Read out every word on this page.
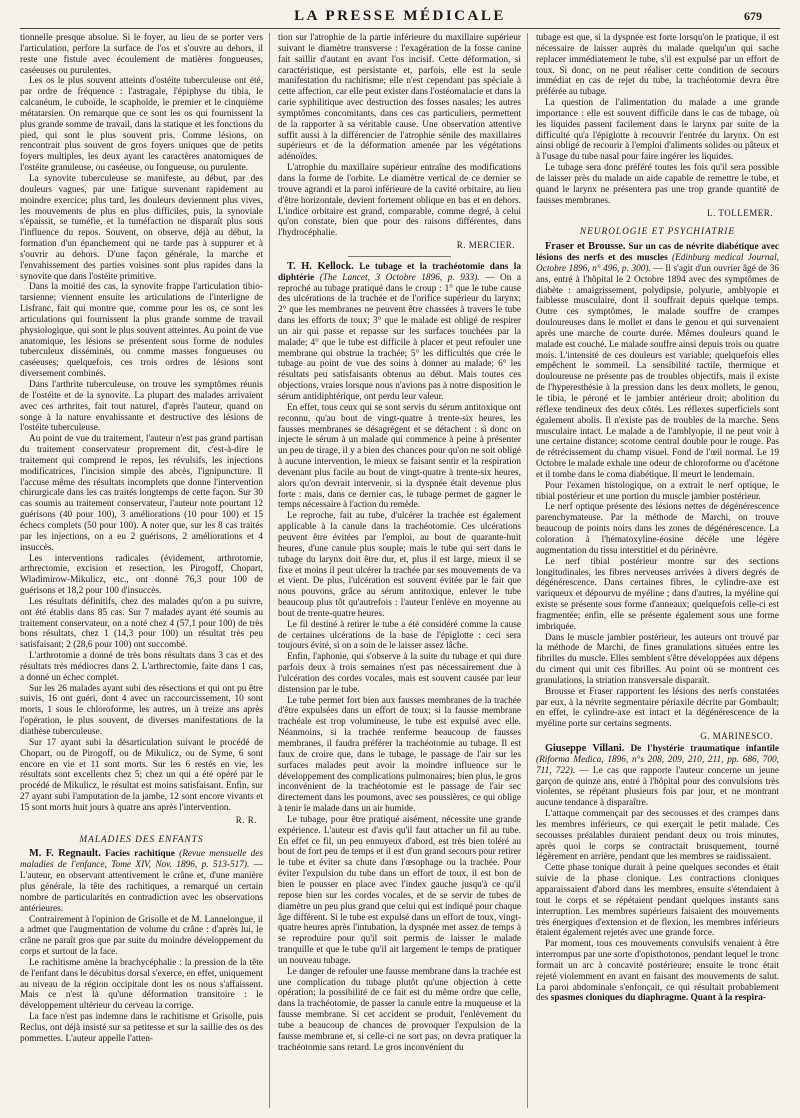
LA PRESSE MÉDICALE	679

tionnelle presque absolue. Si le foyer, au lieu de se porter vers l'articulation, perfore la surface de l'os et s'ouvre au dehors, il reste une fistule avec écoulement de matières fongueuses, caséeuses ou purulentes.

Les os le plus souvent atteints d'ostéite tuberculeuse ont été, par ordre de fréquence : l'astragale, l'épiphyse du tibia, le calcanéum, le cuboïde, le scaphoïde, le premier et le cinquième métatarsien. On remarque que ce sont les os qui fournissent la plus grande somme de travail, dans la statique et les fonctions du pied, qui sont le plus souvent pris. Comme lésions, on rencontrait plus souvent de gros foyers uniques que de petits foyers multiples, les deux ayant les caractères anatomiques de l'ostéite granuleuse, ou caséeuse, ou fongueuse, ou purulente.

La synovite tuberculeuse se manifeste, au début, par des douleurs vagues, par une fatigue survenant rapidement au moindre exercice; plus tard, les douleurs deviennent plus vives, les mouvements de plus en plus difficiles, puis, la synoviale s'épaissit, se tuméfie, et la tuméfaction ne disparaît plus sous l'influence du repos. Souvent, on observe, déjà au début, la formation d'un épanchement qui ne tarde pas à suppurer et à s'ouvrir au dehors. D'une façon générale, la marche et l'envahissement des parties voisines sont plus rapides dans la synovite que dans l'ostéite primitive.

Dans la moitié des cas, la synovite frappe l'articulation tibio-tarsienne; viennent ensuite les articulations de l'interligne de Lisfranc, fait qui montre que, comme pour les os, ce sont les articulations qui fournissent la plus grande somme de travail physiologique, qui sont le plus souvent atteintes. Au point de vue anatomique, les lésions se présentent sous forme de nodules tuberculeux disséminés, ou comme masses fongueuses ou caséeuses; quelquefois, ces trois ordres de lésions sont diversement combinés.

Dans l'arthrite tuberculeuse, on trouve les symptômes réunis de l'ostéite et de la synovite. La plupart des malades arrivaient avec ces arthrites, fait tout naturel, d'après l'auteur, quand on songe à la nature envahissante et destructive des lésions de l'ostéite tuberculeuse.

Au point de vue du traitement, l'auteur n'est pas grand partisan du traitement conservateur proprement dit, c'est-à-dire le traitement qui comprend le repos, les révulsifs, les injections modificatrices, l'incision simple des abcès, l'ignipuncture. Il l'accuse même des résultats incomplets que donne l'intervention chirurgicale dans les cas traités longtemps de cette façon. Sur 30 cas soumis au traitement conservateur, l'auteur note pourtant 12 guérisons (40 pour 100), 3 améliorations (10 pour 100) et 15 échecs complets (50 pour 100). A noter que, sur les 8 cas traités par les injections, on a eu 2 guérisons, 2 améliorations et 4 insuccès.

Les interventions radicales (évidement, arthrotomie, arthrectomie, excision et resection, les Pirogoff, Chopart, Wladimirow-Mikulicz, etc., ont donné 76,3 pour 100 de guérisons et 18,2 pour 100 d'insuccès.

Les résultats définitifs, chez des malades qu'on a pu suivre, ont été établis dans 85 cas. Sur 7 malades ayant été soumis au traitement conservateur, on a noté chez 4 (57,1 pour 100) de très bons résultats, chez 1 (14,3 pour 100) un résultat très peu satisfaisant; 2 (28,6 pour 100) ont succombé.

L'arthrotomie a donné de très bons résultats dans 3 cas et des résultats très médiocres dans 2. L'arthrectomie, faite dans 1 cas, a donné un échec complet.

Sur les 26 malades ayant subi des résections et qui ont pu être suivis, 16 ont guéri, dont 4 avec un raccourcissement, 10 sont morts, 1 sous le chloroforme, les autres, un à treize ans après l'opération, le plus souvent, de diverses manifestations de la diathèse tuberculeuse.

Sur 17 ayant subi la désarticulation suivant le procédé de Chopart, ou de Pirogoff, ou de Mikulicz, ou de Syme, 6 sont encore en vie et 11 sont morts. Sur les 6 restés en vie, les résultats sont excellents chez 5; chez un qui a été opéré par le procédé de Mikulicz, le résultat est moins satisfaisant. Enfin, sur 27 ayant subi l'amputation de la jambe, 12 sont encore vivants et 15 sont morts huit jours à quatre ans après l'intervention.

R. R.
MALADIES DES ENFANTS

M. F. Regnault. Facies rachitique (Revue mensuelle des maladies de l'enfance, Tome XIV, Nov. 1896, p. 513-517). — L'auteur, en observant attentivement le crâne et, d'une manière plus générale, la tête des rachitiques, a remarqué un certain nombre de particularités en contradiction avec les observations antérieures.

Contrairement à l'opinion de Grisolle et de M. Lannelongue, il a admet que l'augmentation de volume du crâne : d'après lui, le crâne ne paraît gros que par suite du moindre développement du corps et surtout de la face.

Le rachitisme amène la brachycéphalie : la pression de la tête de l'enfant dans le décubitus dorsal s'exerce, en effet, uniquement au niveau de la région occipitale dont les os nous s'affaissent. Mais ce n'est là qu'une déformation transitoire : le développement ultérieur du cerveau la corrige.

La face n'est pas indemne dans le rachitisme et Grisolle, puis Reclus, ont déjà insisté sur sa petitesse et sur la saillie des os des pommettes. L'auteur appelle l'atten-

tion sur l'atrophie de la partie inférieure du maxillaire supérieur suivant le diamètre transverse : l'exagération de la fosse canine fait saillir d'autant en avant l'os incisif. Cette déformation, si caractéristique, est persistante et, parfois, elle est la seule manifestation du rachitisme; elle n'est cependant pas spéciale à cette affection, car elle peut exister dans l'ostéomalacie et dans la carie syphilitique avec destruction des fosses nasales; les autres symptômes concomitants, dans ces cas particuliers, permettent de la rapporter à sa véritable cause. Une observation attentive suffit aussi à la différencier de l'atrophie sénile des maxillaires supérieurs et de la déformation amenée par les végétations adénoïdes.

L'atrophie du maxillaire supérieur entraîne des modifications dans la forme de l'orbite. Le diamètre vertical de ce dernier se trouve agrandi et la paroi inférieure de la cavité orbitaire, au lieu d'être horizontale, devient fortement oblique en bas et en dehors. L'indice orbitaire est grand, comparable, comme degré, à celui qu'on constate, bien que pour des raisons différentes, dans l'hydrocéphalie.

R. MERCIER.

T. H. Kellock. Le tubage et la trachéotomie dans la diphtérie (The Lancet, 3 Octobre 1896, p. 933). — On a reproché au tubage pratiqué dans le croup : 1° que le tube cause des ulcérations de la trachée et de l'orifice supérieur du larynx; 2° que les membranes ne peuvent être chassées à travers le tube dans les efforts de toux; 3° que le malade est obligé de respirer un air qui passe et repasse sur les surfaces touchées par la malade; 4° que le tube est difficile à placer et peut refouler une membrane qui obstrue la trachée; 5° les difficultés que crée le tubage au point de vue des soins à donner au malade; 6° les résultats peu satisfaisants obtenus au début. Mais toutes ces objections, vraies lorsque nous n'avions pas à notre disposition le sérum antidiphtérique, ont perdu leur valeur.

En effet, tous ceux qui se sont servis du sérum antitoxique ont reconnu, qu'au bout de vingt-quatre à trente-six heures, les fausses membranes se désagrègent et se détachent : si donc on injecte le sérum à un malade qui commence à peine à présenter un peu de tirage, il y a bien des chances pour qu'on ne soit obligé à aucune intervention, le mieux se faisant sentir et la respiration devenant plus facile au bout de vingt-quatre à trente-six heures, alors qu'on devrait intervenir, si la dyspnée était devenue plus forte : mais, dans ce dernier cas, le tubage permet de gagner le temps nécessaire à l'action du remède.

Le reproche, fait au tube, d'ulcérer la trachée est également applicable à la canule dans la trachéotomie. Ces ulcérations peuvent être évitées par l'emploi, au bout de quarante-huit heures, d'une canule plus souple; mais le tube qui sert dans le tubage du larynx doit être dur, et, plus il est large, mieux il se fixe et moins il peut ulcérer la trachée par ses mouvements de va et vient. De plus, l'ulcération est souvent évitée par le fait que nous pouvons, grâce au sérum antitoxique, enlever le tube beaucoup plus tôt qu'autrefois : l'auteur l'enlève en moyenne au bout de trente-quatre heures.

Le fil destiné à retirer le tube a été considéré comme la cause de certaines ulcérations de la base de l'épiglotte : ceci sera toujours évité, si on a soin de le laisser assez lâche.

Enfin, l'aphonie, qui s'observe à la suite du tubage et qui dure parfois deux à trois semaines n'est pas nécessairement due à l'ulcération des cordes vocales, mais est souvent causée par leur distension par le tube.

Le tube permet fort bien aux fausses membranes de la trachée d'être expulsées dans un effort de toux; si la fausse membrane trachéale est trop volumineuse, le tube est expulsé avec elle. Néanmoins, si la trachée renferme beaucoup de fausses membranes, il faudra préférer la trachéotomie au tubage. Il est faux de croire que, dans le tubage, le passage de l'air sur les surfaces malades peut avoir la moindre influence sur le développement des complications pulmonaires; bien plus, le gros inconvénient de la trachéotomie est le passage de l'air sec directement dans les poumons, avec ses poussières, ce qui oblige à tenir le malade dans un air humide.

Le tubage, pour être pratiqué aisément, nécessite une grande expérience. L'auteur est d'avis qu'il faut attacher un fil au tube. En effet ce fil, un peu ennuyeux d'abord, est très bien toléré au bout de fort peu de temps et il est d'un grand secours pour retirer le tube et éviter sa chute dans l'œsophage ou la trachée. Pour éviter l'expulsion du tube dans un effort de toux, il est bon de bien le pousser en place avec l'index gauche jusqu'à ce qu'il repose bien sur les cordes vocales, et de se servir de tubes de diamètre un peu plus grand que celui qui est indiqué pour chaque âge différent. Si le tube est expulsé dans un effort de toux, vingt-quatre heures après l'intubation, la dyspnée met assez de temps à se reproduire pour qu'il soit permis de laisser le malade tranquille et que le tube qu'il ait largement le temps de pratiquer un nouveau tubage.

Le danger de refouler une fausse membrane dans la trachée est une complication du tubage plutôt qu'une objection à cette opération; la possibilité de ce fait est du même ordre que celle, dans la trachéotomie, de passer la canule entre la muqueuse et la fausse membrane. Si cet accident se produit, l'enlèvement du tube a beaucoup de chances de provoquer l'expulsion de la fausse membrane et, si celle-ci ne sort pas, on devra pratiquer la trachéotomie sans retard. Le gros inconvénient du

tubage est que, si la dyspnée est forte lorsqu'on le pratique, il est nécessaire de laisser auprès du malade quelqu'un qui sache replacer immédiatement le tube, s'il est expulsé par un effort de toux. Si donc, on ne peut réaliser cette condition de secours immédiat en cas de rejet du tube, la trachéotomie devra être préférée au tubage.

La question de l'alimentation du malade a une grande importance : elle est souvent difficile dans le cas de tubage, où les liquides passent facilement dans le larynx par suite de la difficulté qu'a l'épiglotte à recouvrir l'entrée du larynx. On est ainsi obligé de recourir à l'emploi d'aliments solides ou pâteux et à l'usage du tube nasal pour faire ingérer les liquides.

Le tubage sera donc préféré toutes les fois qu'il sera possible de laisser près du malade un aide capable de remettre le tube, et quand le larynx ne présentera pas une trop grande quantité de fausses membranes.

L. TOLLEMER.
NEUROLOGIE ET PSYCHIATRIE

Fraser et Brousse. Sur un cas de névrite diabétique avec lésions des nerfs et des muscles (Edinburg medical Journal, Octobre 1896, n° 496, p. 300). — Il s'agit d'un ouvrier âgé de 36 ans, entré à l'hôpital le 2 Octobre 1894 avec des symptômes de diabète : amaigrissement, polydipsie, polyurie, amblyopie et faiblesse musculaire, dont il souffrait depuis quelque temps. Outre ces symptômes, le malade souffre de crampes douloureuses dans le mollet et dans le genou et qui survenaient après une marche de courte durée. Mêmes douleurs quand le malade est couché. Le malade souffre ainsi depuis trois ou quatre mois. L'intensité de ces douleurs est variable; quelquefois elles empêchent le sommeil. La sensibilité tactile, thermique et douloureuse ne présente pas de troubles objectifs, mais il existe de l'hyperesthésie à la pression dans les deux mollets, le genou, le tibia, le péroné et le jambier antérieur droit; abolition du réflexe tendineux des deux côtés. Les réflexes superficiels sont également abolis. Il n'existe pas de troubles de la marche. Sens musculaire intact. Le malade a de l'amblyopie, il ne peut voir à une certaine distance; scotome central double pour le rouge. Pas de rétrécissement du champ visuel. Fond de l'œil normal. Le 19 Octobre le malade exhale une odeur de chloroforme ou d'acétone et il tombe dans le coma diabétique. Il meurt le lendemain.

Pour l'examen histologique, on a extrait le nerf optique, le tibial postérieur et une portion du muscle jambier postérieur.

Le nerf optique présente des lésions nettes de dégénérescence parenchymateuse. Par la méthode de Marchi, on trouve beaucoup de points noirs dans les zones de dégénérescence. La coloration à l'hématoxyline-éosine décèle une légère augmentation du tissu interstitiel et du périnèvre.

Le nerf tibial postérieur montre sur des sections longitudinales, les fibres nerveuses arrivées à divers degrés de dégénérescence. Dans certaines fibres, le cylindre-axe est variqueux et dépourvu de myéline ; dans d'autres, la myéline qui existe se présente sous forme d'anneaux; quelquefois celle-ci est fragmentée; enfin, elle se présente également sous une forme imbriquée.

Dans le muscle jambier postérieur, les auteurs ont trouvé par la méthode de Marchi, de fines granulations situées entre les fibrilles du muscle. Elles semblent s'être développées aux dépens du ciment qui unit ces fibrilles. Au point où se montrent ces granulations, la striation transversale disparaît.

Brousse et Fraser rapportent les lésions des nerfs constatées par eux, à la névrite segmentaire périaxile décrite par Gombault; en effet, le cylindre-axe est intact et la dégénérescence de la myéline porte sur certains segments.

G. MARINESCO.

Giuseppe Villani. De l'hystérie traumatique infantile (Riforma Medica, 1896, n°s 208, 209, 210, 211, pp. 686, 700, 711, 722). — Le cas que rapporte l'auteur concerne un jeune garçon de quinze ans, entré à l'hôpital pour des convulsions très violentes, se répétant plusieurs fois par jour, et ne montrant aucune tendance à disparaître.

L'attaque commençait par des secousses et des crampes dans les membres inférieurs, ce qui exerçait le petit malade. Ces secousses préalables duraient pendant deux ou trois minutes, après quoi le corps se contractait brusquement, tourné légèrement en arrière, pendant que les membres se raidissaient.

Cette phase tonique durait à peine quelques secondes et était suivie de la phase clonique. Les contractions cloniques apparaissaient d'abord dans les membres, ensuite s'étendaient à tout le corps et se répétaient pendant quelques instants sans interruption. Les membres supérieurs faisaient des mouvements très énergiques d'extension et de flexion, les membres inférieurs étaient également rejetés avec une grande force.

Par moment, tous ces mouvements convulsifs venaient à être interrompus par une sorte d'opisthotonos, pendant lequel le tronc formait un arc à concavité postérieure; ensuite le tronc était rejeté violemment en avant en faisant des mouvements de salut. La paroi abdominale s'enfonçait, ce qui résultait probablement des spasmes cloniques du diaphragme. Quant à la respira-
